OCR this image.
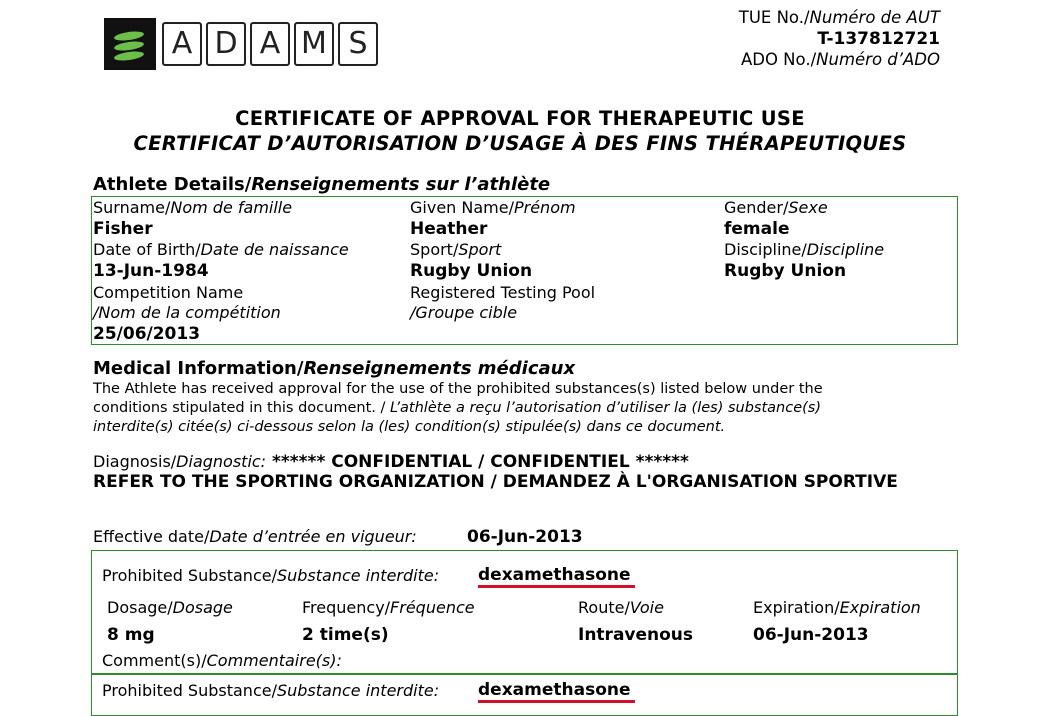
A D A M S
TUE No./Numéro de AUT
T-137812721
ADO No./Numéro d’ADO
CERTIFICATE OF APPROVAL FOR THERAPEUTIC USE
CERTIFICAT D’AUTORISATION D’USAGE À DES FINS THÉRAPEUTIQUES
Athlete Details/Renseignements sur l’athlète
Surname/Nom de famille
Fisher
Date of Birth/Date de naissance
13-Jun-1984
Competition Name
/Nom de la compétition
25/06/2013
Given Name/Prénom
Heather
Sport/Sport
Rugby Union
Registered Testing Pool
/Groupe cible
Gender/Sexe
female
Discipline/Discipline
Rugby Union
Medical Information/Renseignements médicaux
The Athlete has received approval for the use of the prohibited substances(s) listed below under the
conditions stipulated in this document. / L’athlète a reçu l’autorisation d’utiliser la (les) substance(s)
interdite(s) citée(s) ci-dessous selon la (les) condition(s) stipulée(s) dans ce document.
Diagnosis/Diagnostic: ****** CONFIDENTIAL / CONFIDENTIEL ******
REFER TO THE SPORTING ORGANIZATION / DEMANDEZ À L'ORGANISATION SPORTIVE
Effective date/Date d’entrée en vigueur:	06-Jun-2013
Prohibited Substance/Substance interdite: dexamethasone
Dosage/Dosage
8 mg
Frequency/Fréquence
2 time(s)
Route/Voie
Intravenous
Expiration/Expiration
06-Jun-2013
Comment(s)/Commentaire(s):
Prohibited Substance/Substance interdite: dexamethasone
